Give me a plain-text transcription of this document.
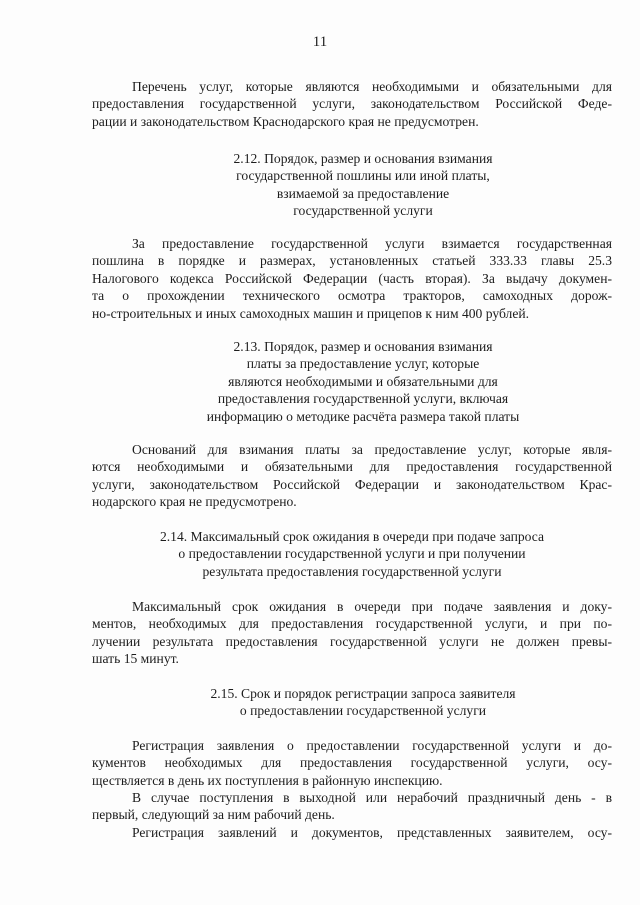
11
Перечень услуг, которые являются необходимыми и обязательными для
предоставления государственной услуги, законодательством Российской Феде-
рации и законодательством Краснодарского края не предусмотрен.
2.12. Порядок, размер и основания взимания
государственной пошлины или иной платы,
взимаемой за предоставление
государственной услуги
За предоставление государственной услуги взимается государственная
пошлина в порядке и размерах, установленных статьей 333.33 главы 25.3
Налогового кодекса Российской Федерации (часть вторая). За выдачу докумен-
та о прохождении технического осмотра тракторов, самоходных дорож-
но-строительных и иных самоходных машин и прицепов к ним 400 рублей.
2.13. Порядок, размер и основания взимания
платы за предоставление услуг, которые
являются необходимыми и обязательными для
предоставления государственной услуги, включая
информацию о методике расчёта размера такой платы
Оснований для взимания платы за предоставление услуг, которые явля-
ются необходимыми и обязательными для предоставления государственной
услуги, законодательством Российской Федерации и законодательством Крас-
нодарского края не предусмотрено.
2.14. Максимальный срок ожидания в очереди при подаче запроса
о предоставлении государственной услуги и при получении
результата предоставления государственной услуги
Максимальный срок ожидания в очереди при подаче заявления и доку-
ментов, необходимых для предоставления государственной услуги, и при по-
лучении результата предоставления государственной услуги не должен превы-
шать 15 минут.
2.15. Срок и порядок регистрации запроса заявителя
о предоставлении государственной услуги
Регистрация заявления о предоставлении государственной услуги и до-
кументов необходимых для предоставления государственной услуги, осу-
ществляется в день их поступления в районную инспекцию.
В случае поступления в выходной или нерабочий праздничный день - в
первый, следующий за ним рабочий день.
Регистрация заявлений и документов, представленных заявителем, осу-
